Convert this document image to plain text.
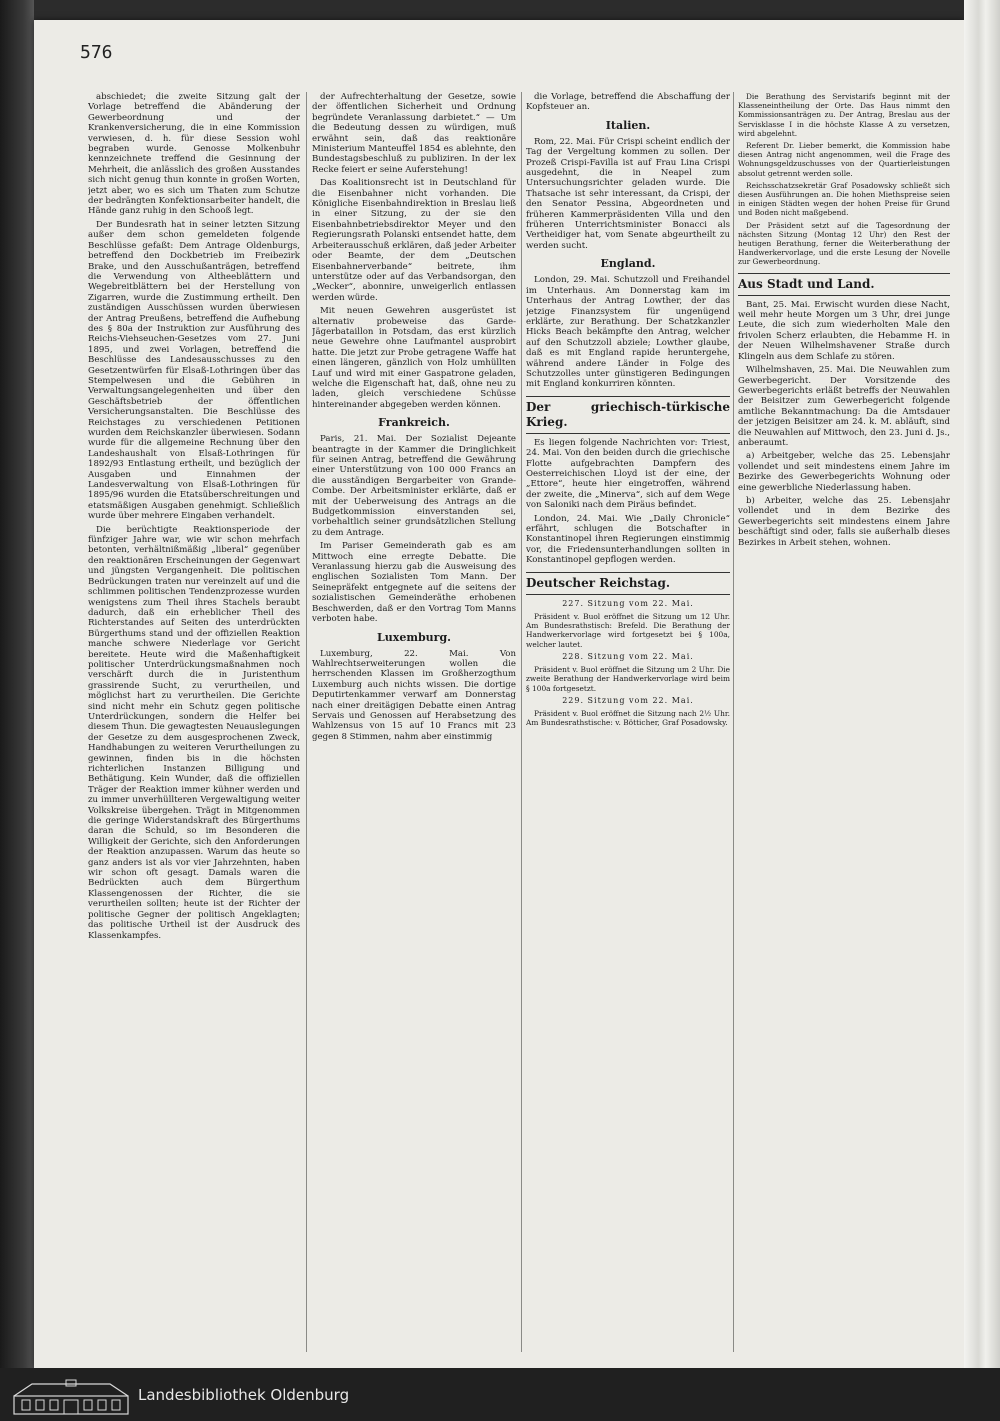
576

abschiedet; die zweite Sitzung galt der Vorlage betreffend die Abänderung der Gewerbeordnung und der Krankenversicherung, die in eine Kommission verwiesen, d. h. für diese Session wohl begraben wurde. Genosse Molkenbuhr kennzeichnete treffend die Gesinnung der Mehrheit, die anlässlich des großen Ausstandes sich nicht genug thun konnte in großen Worten, jetzt aber, wo es sich um Thaten zum Schutze der bedrängten Konfektionsarbeiter handelt, die Hände ganz ruhig in den Schooß legt.

Der Bundesrath hat in seiner letzten Sitzung außer dem schon gemeldeten folgende Beschlüsse gefaßt: Dem Antrage Oldenburgs, betreffend den Dockbetrieb im Freibezirk Brake, und den Ausschußanträgen, betreffend die Verwendung von Altheeblättern und Wegebreitblättern bei der Herstellung von Zigarren, wurde die Zustimmung ertheilt. Den zuständigen Ausschüssen wurden überwiesen der Antrag Preußens, betreffend die Aufhebung des § 80a der Instruktion zur Ausführung des Reichs-Viehseuchen-Gesetzes vom 27. Juni 1895, und zwei Vorlagen, betreffend die Beschlüsse des Landesausschusses zu den Gesetzentwürfen für Elsaß-Lothringen über das Stempelwesen und die Gebühren in Verwaltungsangelegenheiten und über den Geschäftsbetrieb der öffentlichen Versicherungsanstalten. Die Beschlüsse des Reichstages zu verschiedenen Petitionen wurden dem Reichskanzler überwiesen. Sodann wurde für die allgemeine Rechnung über den Landeshaushalt von Elsaß-Lothringen für 1892/93 Entlastung ertheilt, und bezüglich der Ausgaben und Einnahmen der Landesverwaltung von Elsaß-Lothringen für 1895/96 wurden die Etatsüberschreitungen und etatsmäßigen Ausgaben genehmigt. Schließlich wurde über mehrere Eingaben verhandelt.

Die berüchtigte Reaktionsperiode der fünfziger Jahre war, wie wir schon mehrfach betonten, verhältnißmäßig „liberal“ gegenüber den reaktionären Erscheinungen der Gegenwart und jüngsten Vergangenheit. Die politischen Bedrückungen traten nur vereinzelt auf und die schlimmen politischen Tendenzprozesse wurden wenigstens zum Theil ihres Stachels beraubt dadurch, daß ein erheblicher Theil des Richterstandes auf Seiten des unterdrückten Bürgerthums stand und der offiziellen Reaktion manche schwere Niederlage vor Gericht bereitete. Heute wird die Maßenhaftigkeit politischer Unterdrückungsmaßnahmen noch verschärft durch die in Juristenthum grassirende Sucht, zu verurtheilen, und möglichst hart zu verurtheilen. Die Gerichte sind nicht mehr ein Schutz gegen politische Unterdrückungen, sondern die Helfer bei diesem Thun. Die gewagtesten Neuauslegungen der Gesetze zu dem ausgesprochenen Zweck, Handhabungen zu weiteren Verurtheilungen zu gewinnen, finden bis in die höchsten richterlichen Instanzen Billigung und Bethätigung. Kein Wunder, daß die offiziellen Träger der Reaktion immer kühner werden und zu immer unverhüllteren Vergewaltigung weiter Volkskreise übergehen. Trägt in Mitgenommen die geringe Widerstandskraft des Bürgerthums daran die Schuld, so im Besonderen die Willigkeit der Gerichte, sich den Anforderungen der Reaktion anzupassen. Warum das heute so ganz anders ist als vor vier Jahrzehnten, haben wir schon oft gesagt. Damals waren die Bedrückten auch dem Bürgerthum Klassengenossen der Richter, die sie verurtheilen sollten; heute ist der Richter der politische Gegner der politisch Angeklagten; das politische Urtheil ist der Ausdruck des Klassenkampfes.

der Aufrechterhaltung der Gesetze, sowie der öffentlichen Sicherheit und Ordnung begründete Veranlassung darbietet.“ — Um die Bedeutung dessen zu würdigen, muß erwähnt sein, daß das reaktionäre Ministerium Manteuffel 1854 es ablehnte, den Bundestagsbeschluß zu publiziren. In der lex Recke feiert er seine Auferstehung!

Das Koalitionsrecht ist in Deutschland für die Eisenbahner nicht vorhanden. Die Königliche Eisenbahndirektion in Breslau ließ in einer Sitzung, zu der sie den Eisenbahnbetriebsdirektor Meyer und den Regierungsrath Polanski entsendet hatte, dem Arbeiterausschuß erklären, daß jeder Arbeiter oder Beamte, der dem „Deutschen Eisenbahnerverbande“ beitrete, ihm unterstütze oder auf das Verbandsorgan, den „Wecker“, abonnire, unweigerlich entlassen werden würde.

Mit neuen Gewehren ausgerüstet ist alternativ probeweise das Garde-Jägerbataillon in Potsdam, das erst kürzlich neue Gewehre ohne Laufmantel ausprobirt hatte. Die jetzt zur Probe getragene Waffe hat einen längeren, gänzlich von Holz umhüllten Lauf und wird mit einer Gaspatrone geladen, welche die Eigenschaft hat, daß, ohne neu zu laden, gleich verschiedene Schüsse hintereinander abgegeben werden können.

Frankreich.

Paris, 21. Mai. Der Sozialist Dejeante beantragte in der Kammer die Dringlichkeit für seinen Antrag, betreffend die Gewährung einer Unterstützung von 100 000 Francs an die ausständigen Bergarbeiter von Grande-Combe. Der Arbeitsminister erklärte, daß er mit der Ueberweisung des Antrags an die Budgetkommission einverstanden sei, vorbehaltlich seiner grundsätzlichen Stellung zu dem Antrage.

Im Pariser Gemeinderath gab es am Mittwoch eine erregte Debatte. Die Veranlassung hierzu gab die Ausweisung des englischen Sozialisten Tom Mann. Der Seinepräfekt entgegnete auf die seitens der sozialistischen Gemeinderäthe erhobenen Beschwerden, daß er den Vortrag Tom Manns verboten habe.

Luxemburg.

Luxemburg, 22. Mai. Von Wahlrechtserweiterungen wollen die herrschenden Klassen im Großherzogthum Luxemburg auch nichts wissen. Die dortige Deputirtenkammer verwarf am Donnerstag nach einer dreitägigen Debatte einen Antrag Servais und Genossen auf Herabsetzung des Wahlzensus von 15 auf 10 Francs mit 23 gegen 8 Stimmen, nahm aber einstimmig

die Vorlage, betreffend die Abschaffung der Kopfsteuer an.

Italien.

Rom, 22. Mai. Für Crispi scheint endlich der Tag der Vergeltung kommen zu sollen. Der Prozeß Crispi-Favilla ist auf Frau Lina Crispi ausgedehnt, die in Neapel zum Untersuchungsrichter geladen wurde. Die Thatsache ist sehr interessant, da Crispi, der den Senator Pessina, Abgeordneten und früheren Kammerpräsidenten Villa und den früheren Unterrichtsminister Bonacci als Vertheidiger hat, vom Senate abgeurtheilt zu werden sucht.

England.

London, 29. Mai. Schutzzoll und Freihandel im Unterhaus. Am Donnerstag kam im Unterhaus der Antrag Lowther, der das jetzige Finanzsystem für ungenügend erklärte, zur Berathung. Der Schatzkanzler Hicks Beach bekämpfte den Antrag, welcher auf den Schutzzoll abziele; Lowther glaube, daß es mit England rapide heruntergehe, während andere Länder in Folge des Schutzzolles unter günstigeren Bedingungen mit England konkurriren könnten.

Der griechisch-türkische Krieg.

Es liegen folgende Nachrichten vor: Triest, 24. Mai. Von den beiden durch die griechische Flotte aufgebrachten Dampfern des Oesterreichischen Lloyd ist der eine, der „Ettore“, heute hier eingetroffen, während der zweite, die „Minerva“, sich auf dem Wege von Saloniki nach dem Piräus befindet.

London, 24. Mai. Wie „Daily Chronicle“ erfährt, schlugen die Botschafter in Konstantinopel ihren Regierungen einstimmig vor, die Friedensunterhandlungen sollten in Konstantinopel gepflogen werden.

Deutscher Reichstag.
227. Sitzung vom 22. Mai.

Präsident v. Buol eröffnet die Sitzung um 12 Uhr. Am Bundesrathstisch: Brefeld. Die Berathung der Handwerkervorlage wird fortgesetzt bei § 100a, welcher lautet.

228. Sitzung vom 22. Mai.

Präsident v. Buol eröffnet die Sitzung um 2 Uhr. Die zweite Berathung der Handwerkervorlage wird beim § 100a fortgesetzt.

229. Sitzung vom 22. Mai.

Präsident v. Buol eröffnet die Sitzung nach 2½ Uhr. Am Bundesrathstische: v. Bötticher, Graf Posadowsky.

Die Berathung des Servistarifs beginnt mit der Klasseneintheilung der Orte. Das Haus nimmt den Kommissionsanträgen zu. Der Antrag, Breslau aus der Servisklasse I in die höchste Klasse A zu versetzen, wird abgelehnt.

Referent Dr. Lieber bemerkt, die Kommission habe diesen Antrag nicht angenommen, weil die Frage des Wohnungsgeldzuschusses von der Quartierleistungen absolut getrennt werden solle.

Reichsschatzsekretär Graf Posadowsky schließt sich diesen Ausführungen an. Die hohen Miethspreise seien in einigen Städten wegen der hohen Preise für Grund und Boden nicht maßgebend.

Der Präsident setzt auf die Tagesordnung der nächsten Sitzung (Montag 12 Uhr) den Rest der heutigen Berathung, ferner die Weiterberathung der Handwerkervorlage, und die erste Lesung der Novelle zur Gewerbeordnung.

Aus Stadt und Land.

Bant, 25. Mai. Erwischt wurden diese Nacht, weil mehr heute Morgen um 3 Uhr, drei junge Leute, die sich zum wiederholten Male den frivolen Scherz erlaubten, die Hebamme H. in der Neuen Wilhelmshavener Straße durch Klingeln aus dem Schlafe zu stören.

Wilhelmshaven, 25. Mai. Die Neuwahlen zum Gewerbegericht. Der Vorsitzende des Gewerbegerichts erläßt betreffs der Neuwahlen der Beisitzer zum Gewerbegericht folgende amtliche Bekanntmachung: Da die Amtsdauer der jetzigen Beisitzer am 24. k. M. abläuft, sind die Neuwahlen auf Mittwoch, den 23. Juni d. Js., anberaumt.

a) Arbeitgeber, welche das 25. Lebensjahr vollendet und seit mindestens einem Jahre im Bezirke des Gewerbegerichts Wohnung oder eine gewerbliche Niederlassung haben.

b) Arbeiter, welche das 25. Lebensjahr vollendet und in dem Bezirke des Gewerbegerichts seit mindestens einem Jahre beschäftigt sind oder, falls sie außerhalb dieses Bezirkes in Arbeit stehen, wohnen.

Landesbibliothek Oldenburg
